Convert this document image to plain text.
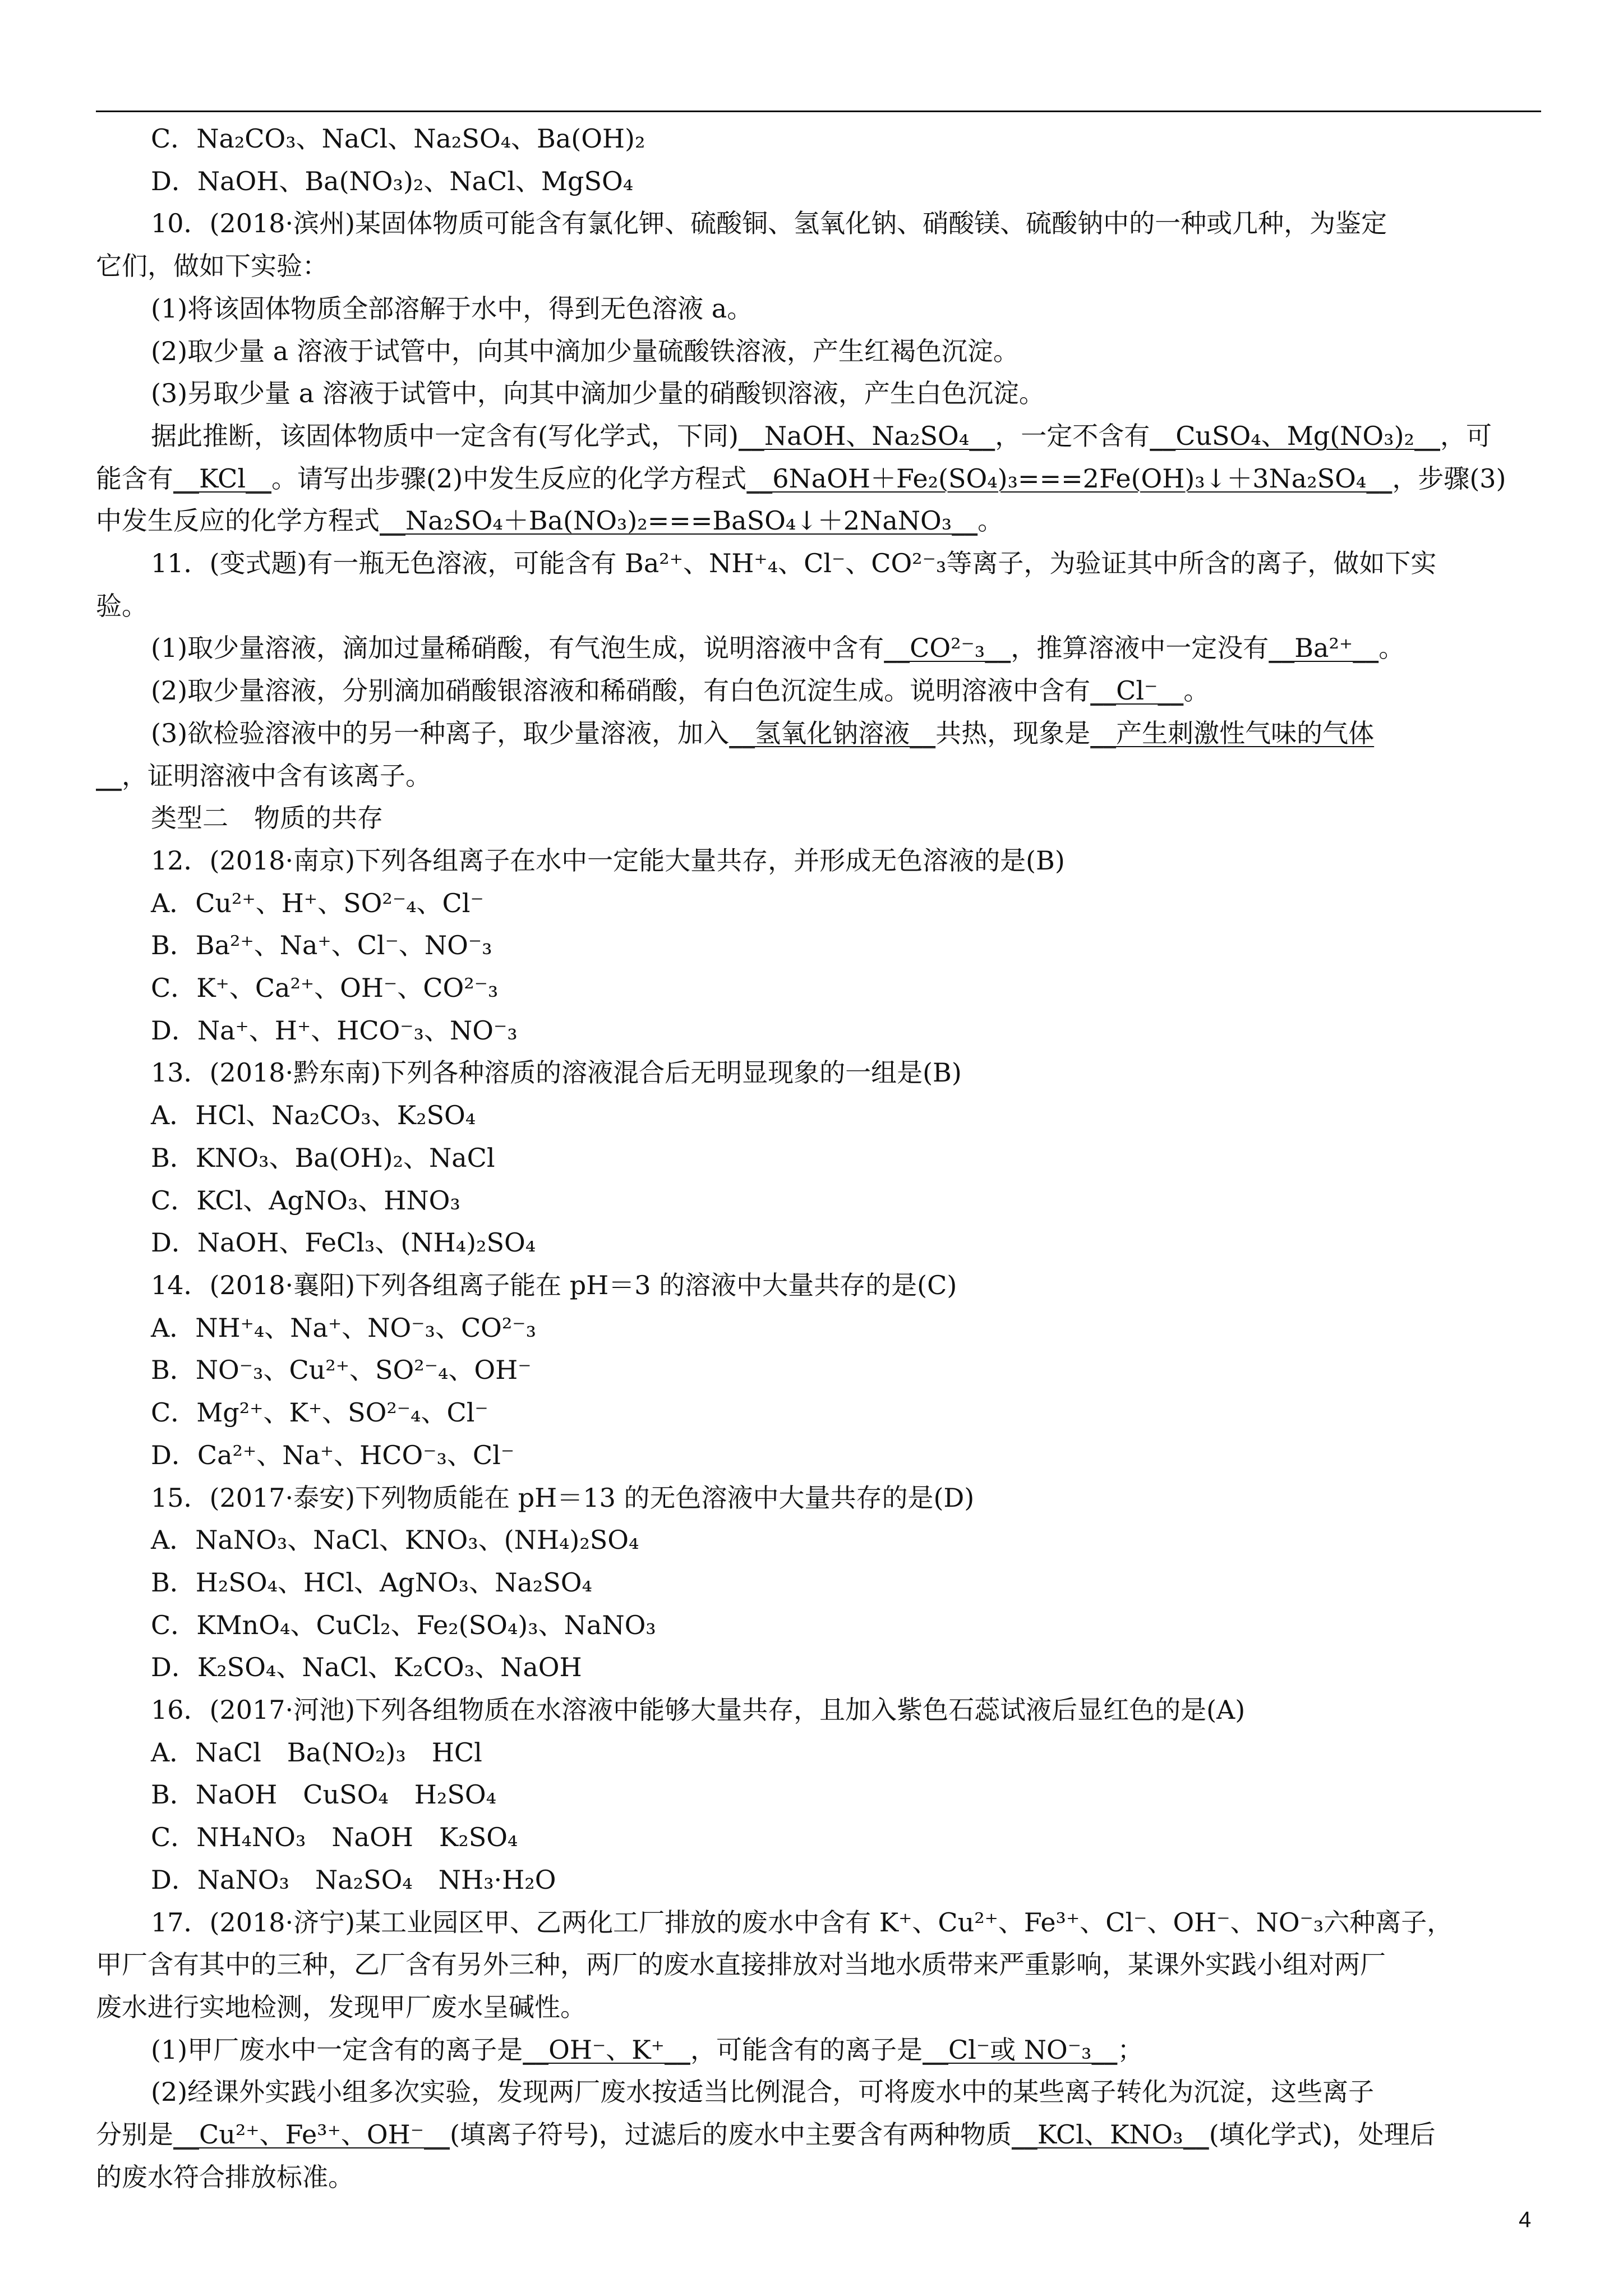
C．Na₂CO₃、NaCl、Na₂SO₄、Ba(OH)₂

D．NaOH、Ba(NO₃)₂、NaCl、MgSO₄

10．(2018·滨州)某固体物质可能含有氯化钾、硫酸铜、氢氧化钠、硝酸镁、硫酸钠中的一种或几种，为鉴定

它们，做如下实验：

(1)将该固体物质全部溶解于水中，得到无色溶液 a。

(2)取少量 a 溶液于试管中，向其中滴加少量硫酸铁溶液，产生红褐色沉淀。

(3)另取少量 a 溶液于试管中，向其中滴加少量的硝酸钡溶液，产生白色沉淀。

据此推断，该固体物质中一定含有(写化学式，下同)__NaOH、Na₂SO₄__，一定不含有__CuSO₄、Mg(NO₃)₂__，可

能含有__KCl__。请写出步骤(2)中发生反应的化学方程式__6NaOH＋Fe₂(SO₄)₃===2Fe(OH)₃↓＋3Na₂SO₄__，步骤(3)

中发生反应的化学方程式__Na₂SO₄＋Ba(NO₃)₂===BaSO₄↓＋2NaNO₃__。

11．(变式题)有一瓶无色溶液，可能含有 Ba²⁺、NH⁺₄、Cl⁻、CO²⁻₃等离子，为验证其中所含的离子，做如下实

验。

(1)取少量溶液，滴加过量稀硝酸，有气泡生成，说明溶液中含有__CO²⁻₃__，推算溶液中一定没有__Ba²⁺__。

(2)取少量溶液，分别滴加硝酸银溶液和稀硝酸，有白色沉淀生成。说明溶液中含有__Cl⁻__。

(3)欲检验溶液中的另一种离子，取少量溶液，加入__氢氧化钠溶液__共热，现象是__产生刺激性气味的气体

__，证明溶液中含有该离子。

类型二　物质的共存

12．(2018·南京)下列各组离子在水中一定能大量共存，并形成无色溶液的是(B)

A．Cu²⁺、H⁺、SO²⁻₄、Cl⁻

B．Ba²⁺、Na⁺、Cl⁻、NO⁻₃

C．K⁺、Ca²⁺、OH⁻、CO²⁻₃

D．Na⁺、H⁺、HCO⁻₃、NO⁻₃

13．(2018·黔东南)下列各种溶质的溶液混合后无明显现象的一组是(B)

A．HCl、Na₂CO₃、K₂SO₄

B．KNO₃、Ba(OH)₂、NaCl

C．KCl、AgNO₃、HNO₃

D．NaOH、FeCl₃、(NH₄)₂SO₄

14．(2018·襄阳)下列各组离子能在 pH＝3 的溶液中大量共存的是(C)

A．NH⁺₄、Na⁺、NO⁻₃、CO²⁻₃

B．NO⁻₃、Cu²⁺、SO²⁻₄、OH⁻

C．Mg²⁺、K⁺、SO²⁻₄、Cl⁻

D．Ca²⁺、Na⁺、HCO⁻₃、Cl⁻

15．(2017·泰安)下列物质能在 pH＝13 的无色溶液中大量共存的是(D)

A．NaNO₃、NaCl、KNO₃、(NH₄)₂SO₄

B．H₂SO₄、HCl、AgNO₃、Na₂SO₄

C．KMnO₄、CuCl₂、Fe₂(SO₄)₃、NaNO₃

D．K₂SO₄、NaCl、K₂CO₃、NaOH

16．(2017·河池)下列各组物质在水溶液中能够大量共存，且加入紫色石蕊试液后显红色的是(A)

A．NaCl　Ba(NO₂)₃　HCl

B．NaOH　CuSO₄　H₂SO₄

C．NH₄NO₃　NaOH　K₂SO₄

D．NaNO₃　Na₂SO₄　NH₃·H₂O

17．(2018·济宁)某工业园区甲、乙两化工厂排放的废水中含有 K⁺、Cu²⁺、Fe³⁺、Cl⁻、OH⁻、NO⁻₃六种离子，

甲厂含有其中的三种，乙厂含有另外三种，两厂的废水直接排放对当地水质带来严重影响，某课外实践小组对两厂

废水进行实地检测，发现甲厂废水呈碱性。

(1)甲厂废水中一定含有的离子是__OH⁻、K⁺__，可能含有的离子是__Cl⁻或 NO⁻₃__；

(2)经课外实践小组多次实验，发现两厂废水按适当比例混合，可将废水中的某些离子转化为沉淀，这些离子

分别是__Cu²⁺、Fe³⁺、OH⁻__(填离子符号)，过滤后的废水中主要含有两种物质__KCl、KNO₃__(填化学式)，处理后

的废水符合排放标准。

4
